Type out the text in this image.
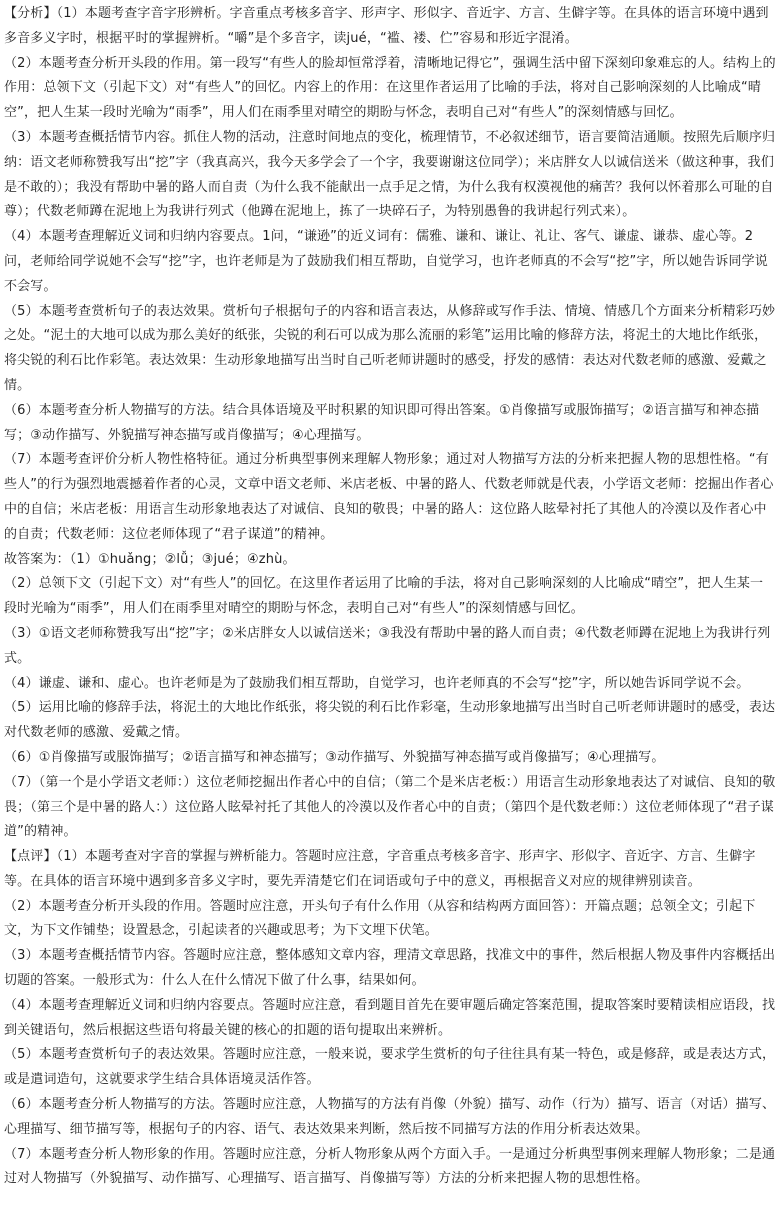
【分析】（1）本题考查字音字形辨析。字音重点考核多音字、形声字、形似字、音近字、方言、生僻字等。在具体的语言环境中遇到多音多义字时，根据平时的掌握辨析。“嚼”是个多音字，读jué，“褴、褛、伫”容易和形近字混淆。

（2）本题考查分析开头段的作用。第一段写“有些人的脸却恒常浮着，清晰地记得它”，强调生活中留下深刻印象难忘的人。结构上的作用：总领下文（引起下文）对“有些人”的回忆。内容上的作用：在这里作者运用了比喻的手法，将对自己影响深刻的人比喻成“晴空”，把人生某一段时光喻为“雨季”，用人们在雨季里对晴空的期盼与怀念，表明自己对“有些人”的深刻情感与回忆。

（3）本题考查概括情节内容。抓住人物的活动，注意时间地点的变化，梳理情节，不必叙述细节，语言要简洁通顺。按照先后顺序归纳：语文老师称赞我写出“挖”字（我真高兴，我今天多学会了一个字，我要谢谢这位同学）；米店胖女人以诚信送米（做这种事，我们是不敢的）；我没有帮助中暑的路人而自责（为什么我不能献出一点手足之情，为什么我有权漠视他的痛苦？我何以怀着那么可耻的自尊）；代数老师蹲在泥地上为我讲行列式（他蹲在泥地上，拣了一块碎石子，为特别愚鲁的我讲起行列式来）。

（4）本题考查理解近义词和归纳内容要点。1问，“谦逊”的近义词有：儒雅、谦和、谦让、礼让、客气、谦虚、谦恭、虚心等。2问，老师给同学说她不会写“挖”字，也许老师是为了鼓励我们相互帮助，自觉学习，也许老师真的不会写“挖”字，所以她告诉同学说不会写。

（5）本题考查赏析句子的表达效果。赏析句子根据句子的内容和语言表达，从修辞或写作手法、情境、情感几个方面来分析精彩巧妙之处。“泥土的大地可以成为那么美好的纸张，尖锐的利石可以成为那么流丽的彩笔”运用比喻的修辞方法，将泥土的大地比作纸张，将尖锐的利石比作彩笔。表达效果：生动形象地描写出当时自己听老师讲题时的感受，抒发的感情：表达对代数老师的感激、爱戴之情。

（6）本题考查分析人物描写的方法。结合具体语境及平时积累的知识即可得出答案。①肖像描写或服饰描写；②语言描写和神态描写；③动作描写、外貌描写神态描写或肖像描写；④心理描写。

（7）本题考查评价分析人物性格特征。通过分析典型事例来理解人物形象；通过对人物描写方法的分析来把握人物的思想性格。“有些人”的行为强烈地震撼着作者的心灵，文章中语文老师、米店老板、中暑的路人、代数老师就是代表，小学语文老师：挖掘出作者心中的自信；米店老板：用语言生动形象地表达了对诚信、良知的敬畏；中暑的路人：这位路人眩晕衬托了其他人的冷漠以及作者心中的自责；代数老师：这位老师体现了“君子谋道”的精神。

故答案为：（1）①huǎng；②lǚ；③jué；④zhù。

（2）总领下文（引起下文）对“有些人”的回忆。在这里作者运用了比喻的手法，将对自己影响深刻的人比喻成“晴空”，把人生某一段时光喻为“雨季”，用人们在雨季里对晴空的期盼与怀念，表明自己对“有些人”的深刻情感与回忆。

（3）①语文老师称赞我写出“挖”字；②米店胖女人以诚信送米；③我没有帮助中暑的路人而自责；④代数老师蹲在泥地上为我讲行列式。

（4）谦虚、谦和、虚心。也许老师是为了鼓励我们相互帮助，自觉学习，也许老师真的不会写“挖”字，所以她告诉同学说不会。

（5）运用比喻的修辞手法，将泥土的大地比作纸张，将尖锐的利石比作彩毫，生动形象地描写出当时自己听老师讲题时的感受，表达对代数老师的感激、爱戴之情。

（6）①肖像描写或服饰描写；②语言描写和神态描写；③动作描写、外貌描写神态描写或肖像描写；④心理描写。

（7）（第一个是小学语文老师：）这位老师挖掘出作者心中的自信；（第二个是米店老板：）用语言生动形象地表达了对诚信、良知的敬畏；（第三个是中暑的路人：）这位路人眩晕衬托了其他人的冷漠以及作者心中的自责；（第四个是代数老师：）这位老师体现了“君子谋道”的精神。

【点评】（1）本题考查对字音的掌握与辨析能力。答题时应注意，字音重点考核多音字、形声字、形似字、音近字、方言、生僻字等。在具体的语言环境中遇到多音多义字时，要先弄清楚它们在词语或句子中的意义，再根据音义对应的规律辨别读音。

（2）本题考查分析开头段的作用。答题时应注意，开头句子有什么作用（从容和结构两方面回答）：开篇点题；总领全文；引起下文，为下文作铺垫；设置悬念，引起读者的兴趣或思考；为下文埋下伏笔。

（3）本题考查概括情节内容。答题时应注意，整体感知文章内容，理清文章思路，找准文中的事件，然后根据人物及事件内容概括出切题的答案。一般形式为：什么人在什么情况下做了什么事，结果如何。

（4）本题考查理解近义词和归纳内容要点。答题时应注意，看到题目首先在要审题后确定答案范围，提取答案时要精读相应语段，找到关键语句，然后根据这些语句将最关键的核心的扣题的语句提取出来辨析。

（5）本题考查赏析句子的表达效果。答题时应注意，一般来说，要求学生赏析的句子往往具有某一特色，或是修辞，或是表达方式，或是遣词造句，这就要求学生结合具体语境灵活作答。

（6）本题考查分析人物描写的方法。答题时应注意，人物描写的方法有肖像（外貌）描写、动作（行为）描写、语言（对话）描写、心理描写、细节描写等，根据句子的内容、语气、表达效果来判断，然后按不同描写方法的作用分析表达效果。

（7）本题考查分析人物形象的作用。答题时应注意，分析人物形象从两个方面入手。一是通过分析典型事例来理解人物形象；二是通过对人物描写（外貌描写、动作描写、心理描写、语言描写、肖像描写等）方法的分析来把握人物的思想性格。
